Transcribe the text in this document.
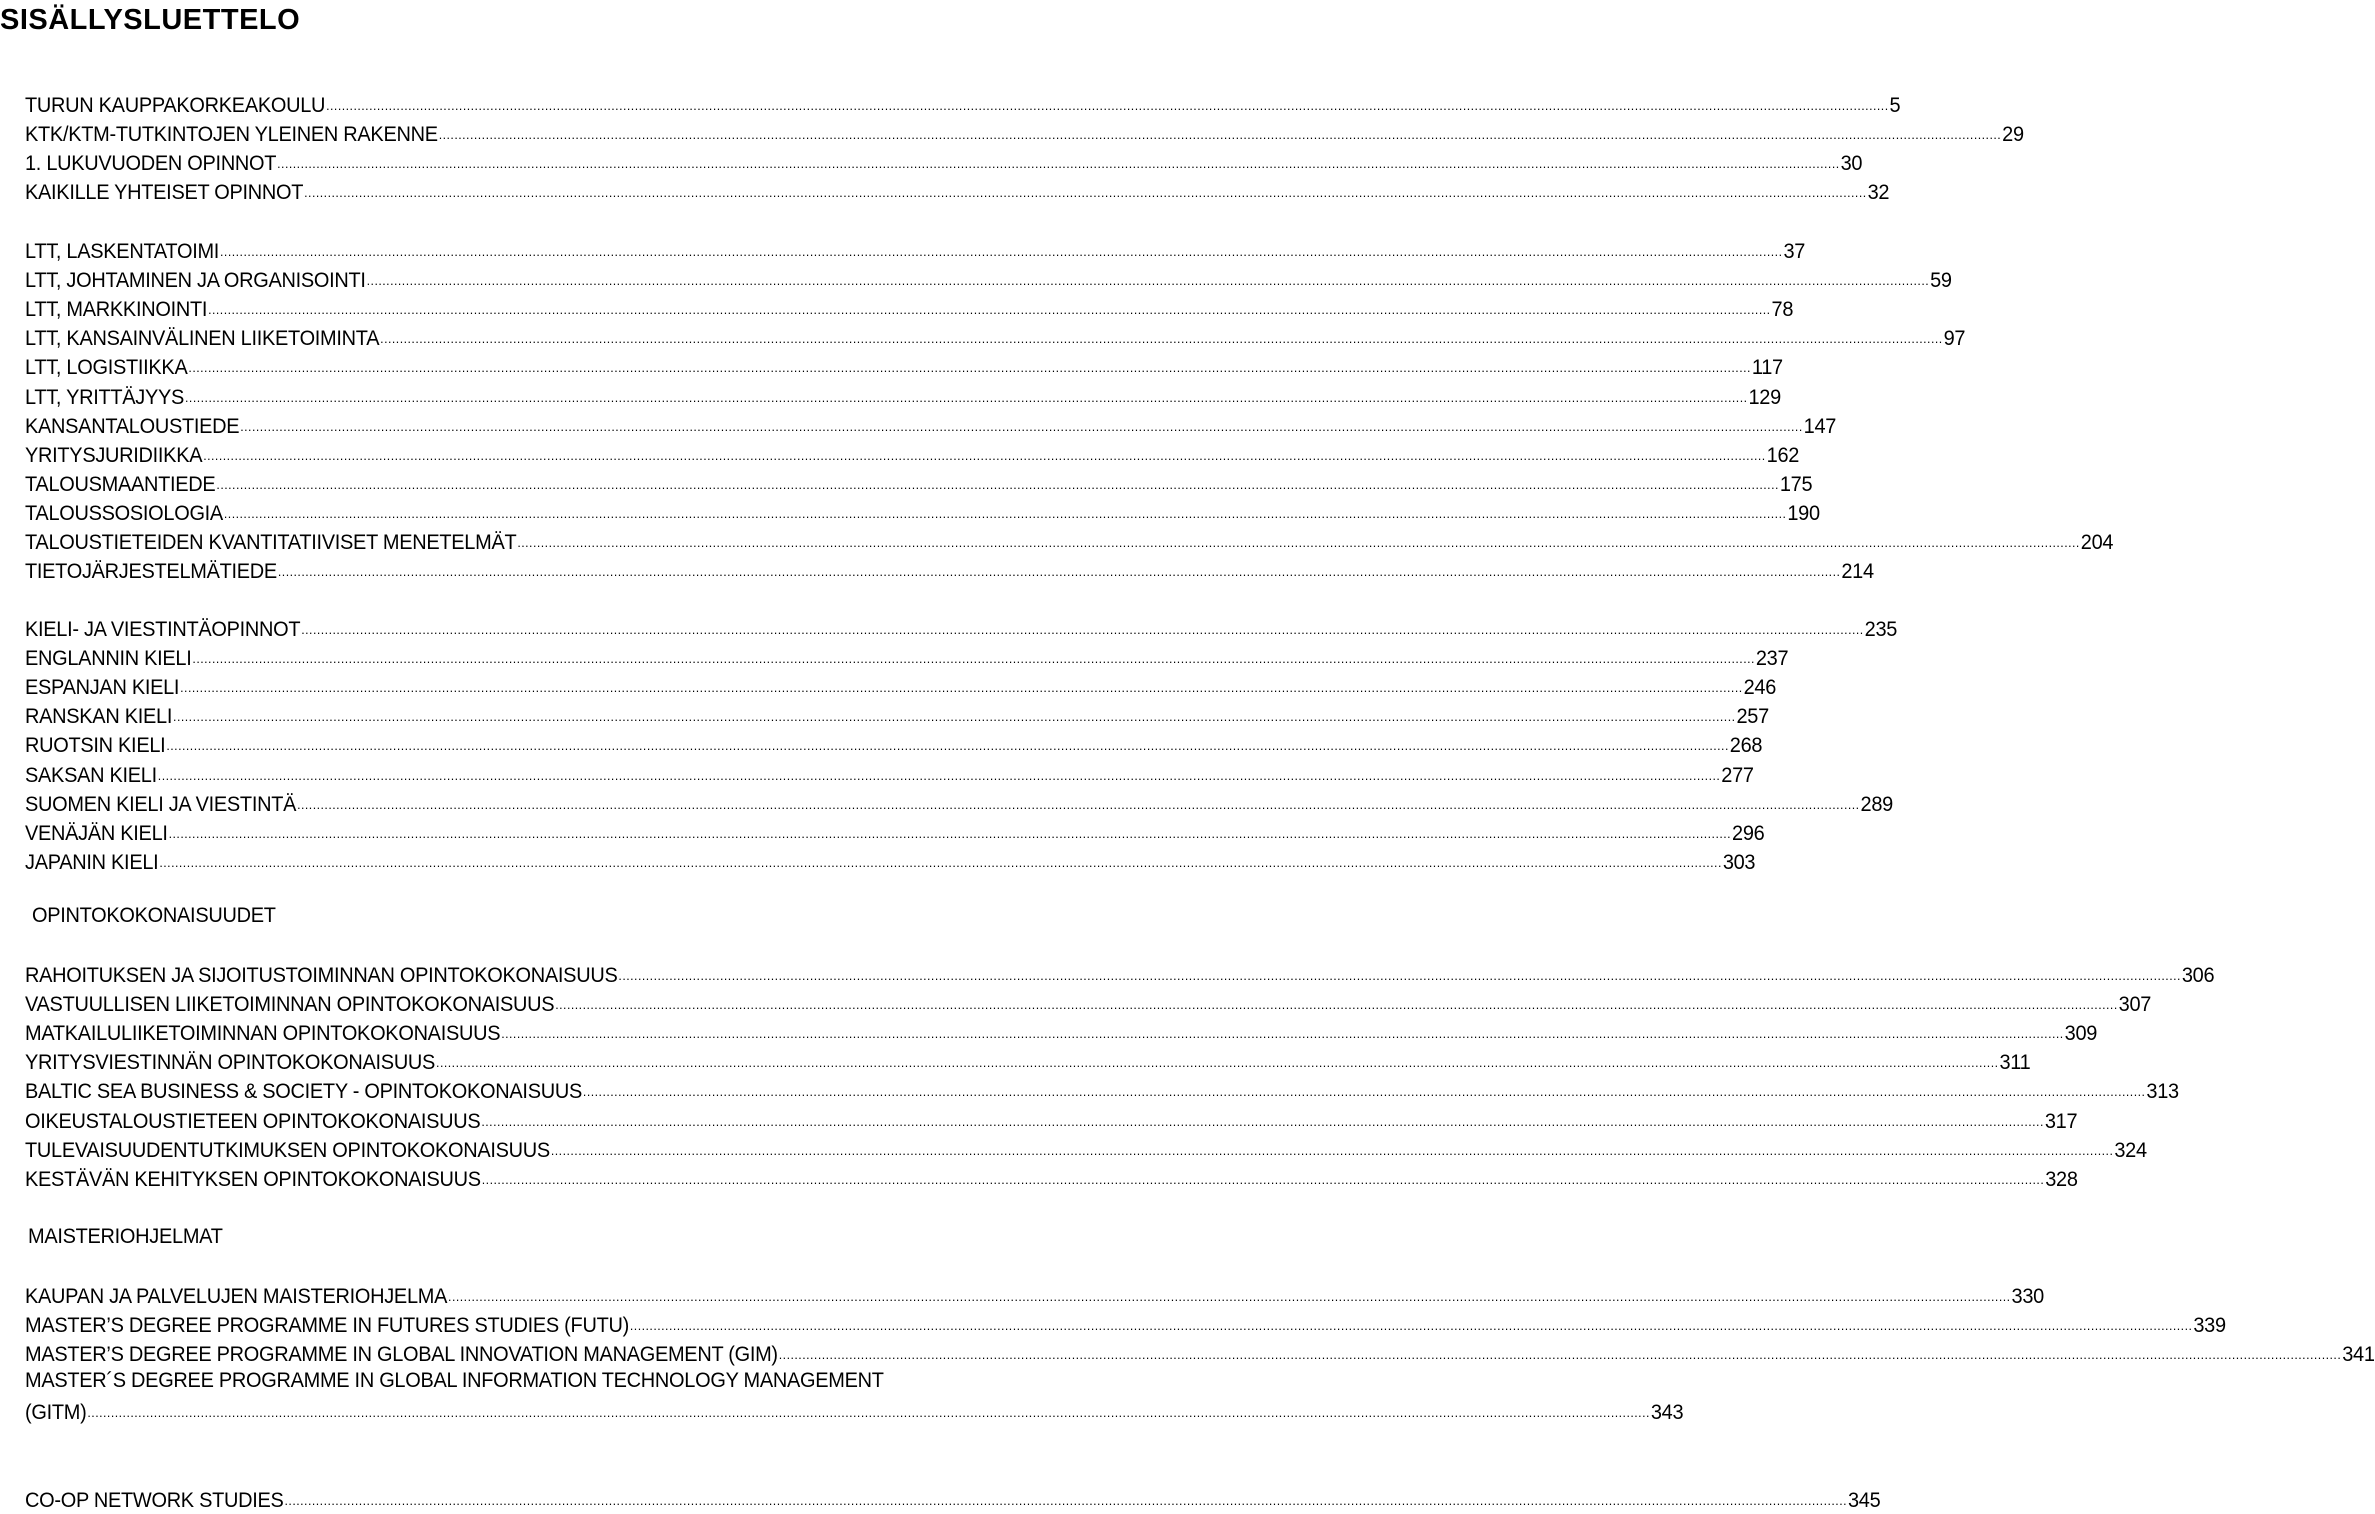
SISÄLLYSLUETTELO
TURUN KAUPPAKORKEAKOULU ................................................................................................................................................................................................................................................................................................................................................................................................................ 5
KTK/KTM-TUTKINTOJEN YLEINEN RAKENNE ................................................................................................................................................................................................................................................................................................................................................................................................................ 29
1. LUKUVUODEN OPINNOT ................................................................................................................................................................................................................................................................................................................................................................................................................ 30
KAIKILLE YHTEISET OPINNOT ................................................................................................................................................................................................................................................................................................................................................................................................................ 32
LTT, LASKENTATOIMI ................................................................................................................................................................................................................................................................................................................................................................................................................ 37
LTT, JOHTAMINEN JA ORGANISOINTI ................................................................................................................................................................................................................................................................................................................................................................................................................ 59
LTT, MARKKINOINTI ................................................................................................................................................................................................................................................................................................................................................................................................................ 78
LTT, KANSAINVÄLINEN LIIKETOIMINTA ................................................................................................................................................................................................................................................................................................................................................................................................................ 97
LTT, LOGISTIIKKA ................................................................................................................................................................................................................................................................................................................................................................................................................ 117
LTT, YRITTÄJYYS ................................................................................................................................................................................................................................................................................................................................................................................................................ 129
KANSANTALOUSTIEDE ................................................................................................................................................................................................................................................................................................................................................................................................................ 147
YRITYSJURIDIIKKA ................................................................................................................................................................................................................................................................................................................................................................................................................ 162
TALOUSMAANTIEDE ................................................................................................................................................................................................................................................................................................................................................................................................................ 175
TALOUSSOSIOLOGIA ................................................................................................................................................................................................................................................................................................................................................................................................................ 190
TALOUSTIETEIDEN KVANTITATIIVISET MENETELMÄT ................................................................................................................................................................................................................................................................................................................................................................................................................ 204
TIETOJÄRJESTELMÄTIEDE ................................................................................................................................................................................................................................................................................................................................................................................................................ 214
KIELI- JA VIESTINTÄOPINNOT ................................................................................................................................................................................................................................................................................................................................................................................................................ 235
ENGLANNIN KIELI ................................................................................................................................................................................................................................................................................................................................................................................................................ 237
ESPANJAN KIELI ................................................................................................................................................................................................................................................................................................................................................................................................................ 246
RANSKAN KIELI ................................................................................................................................................................................................................................................................................................................................................................................................................ 257
RUOTSIN KIELI ................................................................................................................................................................................................................................................................................................................................................................................................................ 268
SAKSAN KIELI ................................................................................................................................................................................................................................................................................................................................................................................................................ 277
SUOMEN KIELI JA VIESTINTÄ ................................................................................................................................................................................................................................................................................................................................................................................................................ 289
VENÄJÄN KIELI ................................................................................................................................................................................................................................................................................................................................................................................................................ 296
JAPANIN KIELI ................................................................................................................................................................................................................................................................................................................................................................................................................ 303
OPINTOKOKONAISUUDET
RAHOITUKSEN JA SIJOITUSTOIMINNAN OPINTOKOKONAISUUS ................................................................................................................................................................................................................................................................................................................................................................................................................ 306
VASTUULLISEN LIIKETOIMINNAN OPINTOKOKONAISUUS ................................................................................................................................................................................................................................................................................................................................................................................................................ 307
MATKAILULIIKETOIMINNAN OPINTOKOKONAISUUS ................................................................................................................................................................................................................................................................................................................................................................................................................ 309
YRITYSVIESTINNÄN OPINTOKOKONAISUUS ................................................................................................................................................................................................................................................................................................................................................................................................................ 311
BALTIC SEA BUSINESS & SOCIETY - OPINTOKOKONAISUUS ................................................................................................................................................................................................................................................................................................................................................................................................................ 313
OIKEUSTALOUSTIETEEN OPINTOKOKONAISUUS ................................................................................................................................................................................................................................................................................................................................................................................................................ 317
TULEVAISUUDENTUTKIMUKSEN OPINTOKOKONAISUUS ................................................................................................................................................................................................................................................................................................................................................................................................................ 324
KESTÄVÄN KEHITYKSEN OPINTOKOKONAISUUS ................................................................................................................................................................................................................................................................................................................................................................................................................ 328
MAISTERIOHJELMAT
KAUPAN JA PALVELUJEN MAISTERIOHJELMA ................................................................................................................................................................................................................................................................................................................................................................................................................ 330
MASTER’S DEGREE PROGRAMME IN FUTURES STUDIES (FUTU) ................................................................................................................................................................................................................................................................................................................................................................................................................ 339
MASTER’S DEGREE PROGRAMME IN GLOBAL INNOVATION MANAGEMENT (GIM) ................................................................................................................................................................................................................................................................................................................................................................................................................ 341
MASTER´S DEGREE PROGRAMME IN GLOBAL INFORMATION TECHNOLOGY MANAGEMENT
(GITM) ................................................................................................................................................................................................................................................................................................................................................................................................................ 343
CO-OP NETWORK STUDIES ................................................................................................................................................................................................................................................................................................................................................................................................................ 345
